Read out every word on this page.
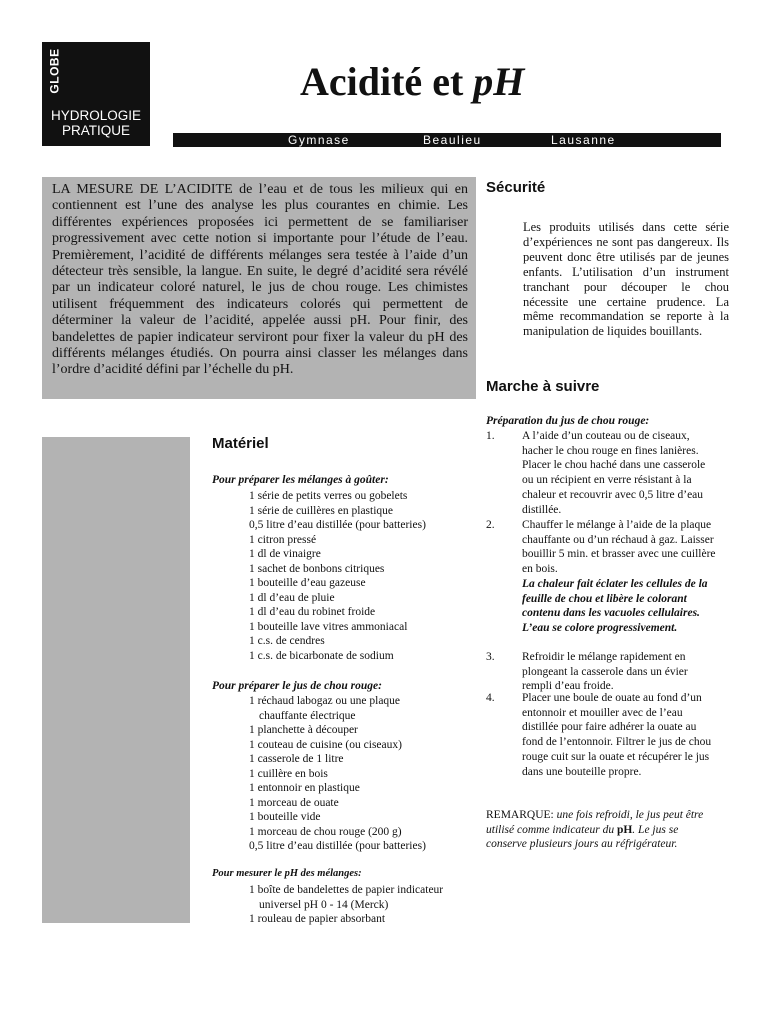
GLOBE
HYDROLOGIE
PRATIQUE
Acidité et pH
Gymnase	Beaulieu	Lausanne

LA MESURE DE L’ACIDITE de l’eau et de tous les milieux qui en contiennent est l’une des analyse les plus courantes en chimie. Les différentes expériences proposées ici permettent de se familiariser progressivement avec cette notion si importante pour l’étude de l’eau. Premièrement, l’acidité de différents mélanges sera testée à l’aide d’un détecteur très sensible, la langue. En suite, le degré d’acidité sera révélé par un indicateur coloré naturel, le jus de chou rouge. Les chimistes utilisent fréquemment des indicateurs colorés qui permettent de déterminer la valeur de l’acidité, appelée aussi pH. Pour finir, des bandelettes de papier indicateur serviront pour fixer la valeur du pH des différents mélanges étudiés. On pourra ainsi classer les mélanges dans l’ordre d’acidité défini par l’échelle du pH.

Sécurité
Les produits utilisés dans cette série d’expériences ne sont pas dangereux. Ils peuvent donc être utilisés par de jeunes enfants. L’utilisation d’un instrument tranchant pour découper le chou nécessite une certaine prudence. La même recommandation se reporte à la manipulation de liquides bouillants.
Matériel
Pour préparer les mélanges à goûter:
1 série de petits verres ou gobelets
1 série de cuillères en plastique
0,5 litre d’eau distillée (pour batteries)
1 citron pressé
1 dl de vinaigre
1 sachet de bonbons citriques
1 bouteille d’eau gazeuse
1 dl d’eau de pluie
1 dl d’eau du robinet froide
1 bouteille lave vitres ammoniacal
1 c.s. de cendres
1 c.s. de bicarbonate de sodium
Pour préparer le jus de chou rouge:
1 réchaud labogaz ou une plaque
chauffante électrique
1 planchette à découper
1 couteau de cuisine (ou ciseaux)
1 casserole de 1 litre
1 cuillère en bois
1 entonnoir en plastique
1 morceau de ouate
1 bouteille vide
1 morceau de chou rouge (200 g)
0,5 litre d’eau distillée (pour batteries)
Pour mesurer le pH des mélanges:
1 boîte de bandelettes de papier indicateur
universel pH 0 - 14 (Merck)
1 rouleau de papier absorbant
Marche à suivre
Préparation du jus de chou rouge:
1. A l’aide d’un couteau ou de ciseaux, hacher le chou rouge en fines lanières. Placer le chou haché dans une casserole ou un récipient en verre résistant à la chaleur et recouvrir avec 0,5 litre d’eau distillée.
2. Chauffer le mélange à l’aide de la plaque chauffante ou d’un réchaud à gaz. Laisser bouillir 5 min. et brasser avec une cuillère en bois.
La chaleur fait éclater les cellules de la feuille de chou et libère le colorant contenu dans les vacuoles cellulaires. L’eau se colore progressivement.
3. Refroidir le mélange rapidement en plongeant la casserole dans un évier rempli d’eau froide.
4. Placer une boule de ouate au fond d’un entonnoir et mouiller avec de l’eau distillée pour faire adhérer la ouate au fond de l’entonnoir. Filtrer le jus de chou rouge cuit sur la ouate et récupérer le jus dans une bouteille propre.
REMARQUE: une fois refroidi, le jus peut être utilisé comme indicateur du pH. Le jus se conserve plusieurs jours au réfrigérateur.
